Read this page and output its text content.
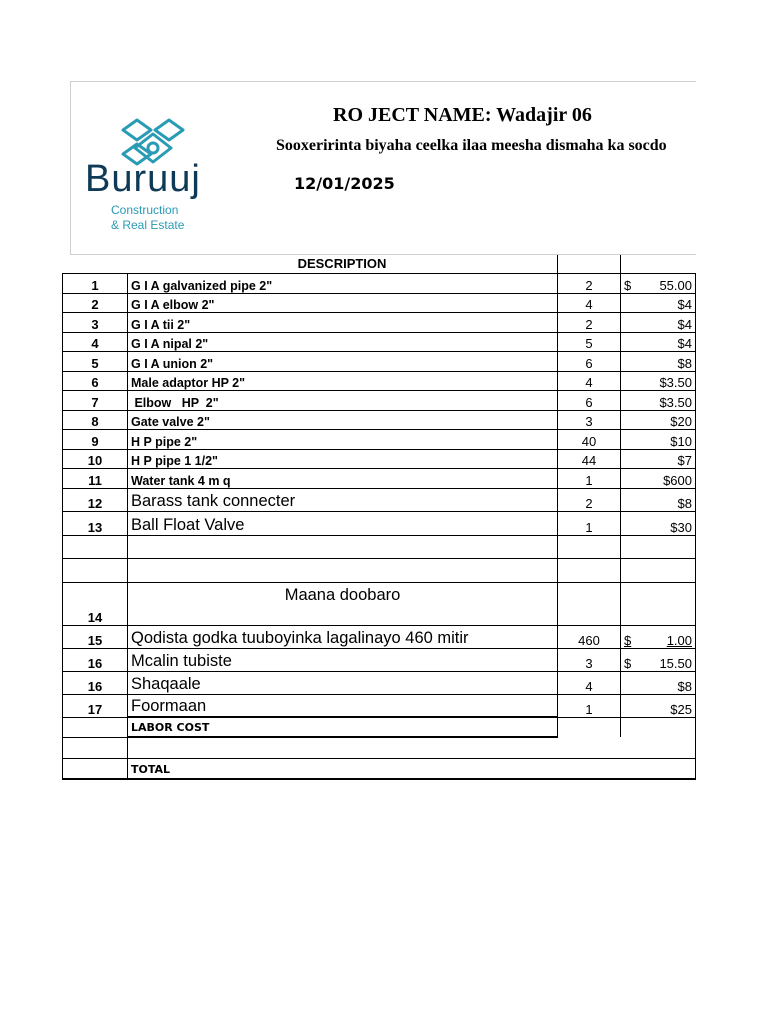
Buruuj
Construction
& Real Estate
RO JECT NAME: Wadajir 06
Sooxeririnta biyaha ceelka ilaa meesha dismaha ka socdo
12/01/2025
DESCRIPTION
1	G I A galvanized pipe 2"	2	$ 55.00

2	G I A elbow 2"	4	$4
3	G I A tii 2"	2	$4
4	G I A nipal 2"	5	$4
5	G I A union 2"	6	$8
6	Male adaptor HP 2"	4	$3.50
7	Elbow   HP  2"	6	$3.50
8	Gate valve 2"	3	$20
9	H P pipe 2"	40	$10
10	H P pipe 1 1/2"	44	$7
11	Water tank 4 m q	1	$600
12	Barass tank connecter	2	$8
13	Ball Float Valve	1	$30

14	Maana doobaro		
15	Qodista godka tuuboyinka lagalinayo 460 mitir	460	$ 1.00

16	Mcalin tubiste	3	$ 15.50

16	Shaqaale	4	$8
17	Foormaan	1	$25
	LABOR COST		

	TOTAL		
